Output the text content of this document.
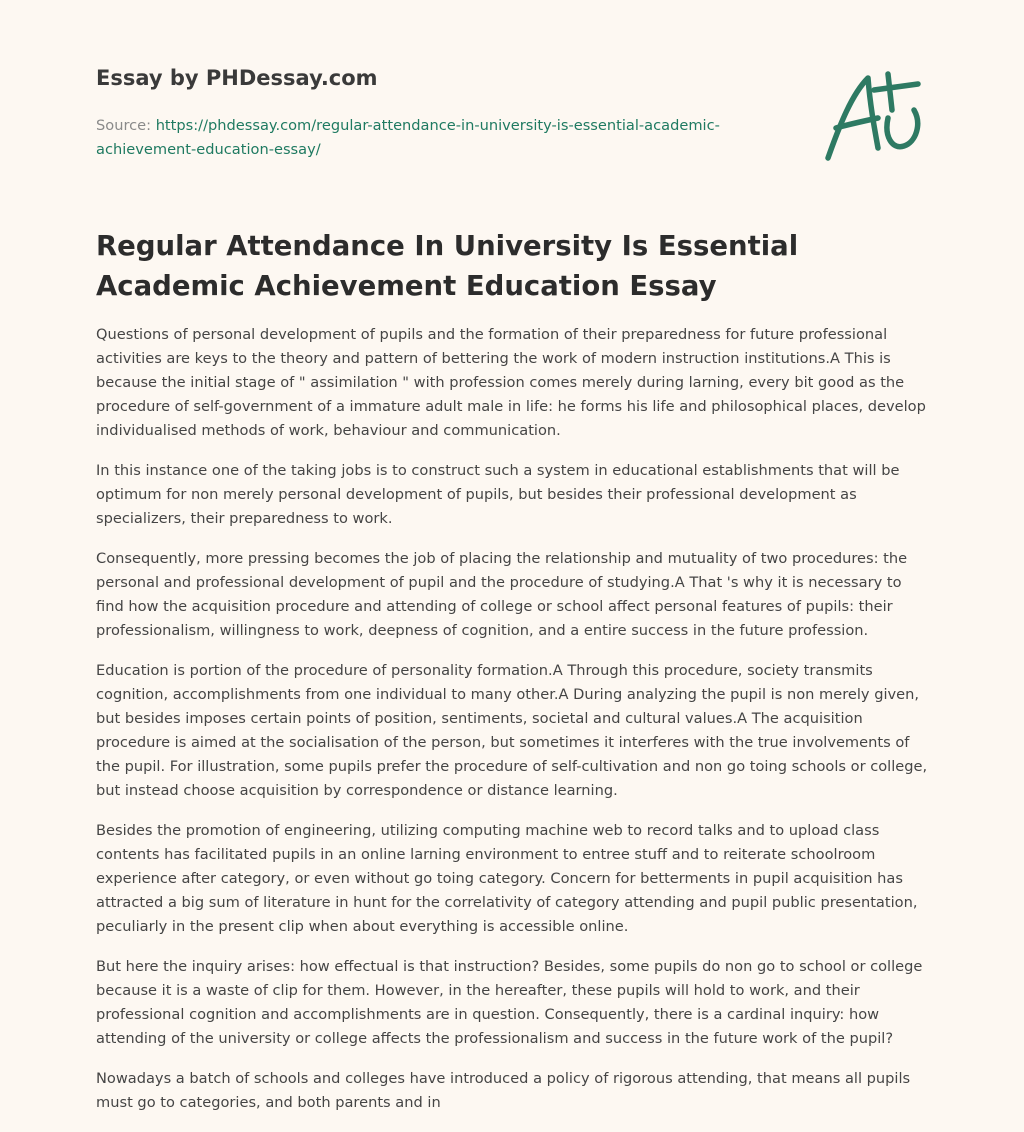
Essay by PHDessay.com
Source: https://phdessay.com/regular-attendance-in-university-is-essential-academic-achievement-education-essay/
Regular Attendance In University Is Essential Academic Achievement Education Essay

Questions of personal development of pupils and the formation of their preparedness for future professional activities are keys to the theory and pattern of bettering the work of modern instruction institutions.A This is because the initial stage of " assimilation " with profession comes merely during larning, every bit good as the procedure of self-government of a immature adult male in life: he forms his life and philosophical places, develop individualised methods of work, behaviour and communication.

In this instance one of the taking jobs is to construct such a system in educational establishments that will be optimum for non merely personal development of pupils, but besides their professional development as specializers, their preparedness to work.

Consequently, more pressing becomes the job of placing the relationship and mutuality of two procedures: the personal and professional development of pupil and the procedure of studying.A That 's why it is necessary to find how the acquisition procedure and attending of college or school affect personal features of pupils: their professionalism, willingness to work, deepness of cognition, and a entire success in the future profession.

Education is portion of the procedure of personality formation.A Through this procedure, society transmits cognition, accomplishments from one individual to many other.A During analyzing the pupil is non merely given, but besides imposes certain points of position, sentiments, societal and cultural values.A The acquisition procedure is aimed at the socialisation of the person, but sometimes it interferes with the true involvements of the pupil. For illustration, some pupils prefer the procedure of self-cultivation and non go toing schools or college, but instead choose acquisition by correspondence or distance learning.

Besides the promotion of engineering, utilizing computing machine web to record talks and to upload class contents has facilitated pupils in an online larning environment to entree stuff and to reiterate schoolroom experience after category, or even without go toing category. Concern for betterments in pupil acquisition has attracted a big sum of literature in hunt for the correlativity of category attending and pupil public presentation, peculiarly in the present clip when about everything is accessible online.

But here the inquiry arises: how effectual is that instruction? Besides, some pupils do non go to school or college because it is a waste of clip for them. However, in the hereafter, these pupils will hold to work, and their professional cognition and accomplishments are in question. Consequently, there is a cardinal inquiry: how attending of the university or college affects the professionalism and success in the future work of the pupil?

Nowadays a batch of schools and colleges have introduced a policy of rigorous attending, that means all pupils must go to categories, and both parents and in
